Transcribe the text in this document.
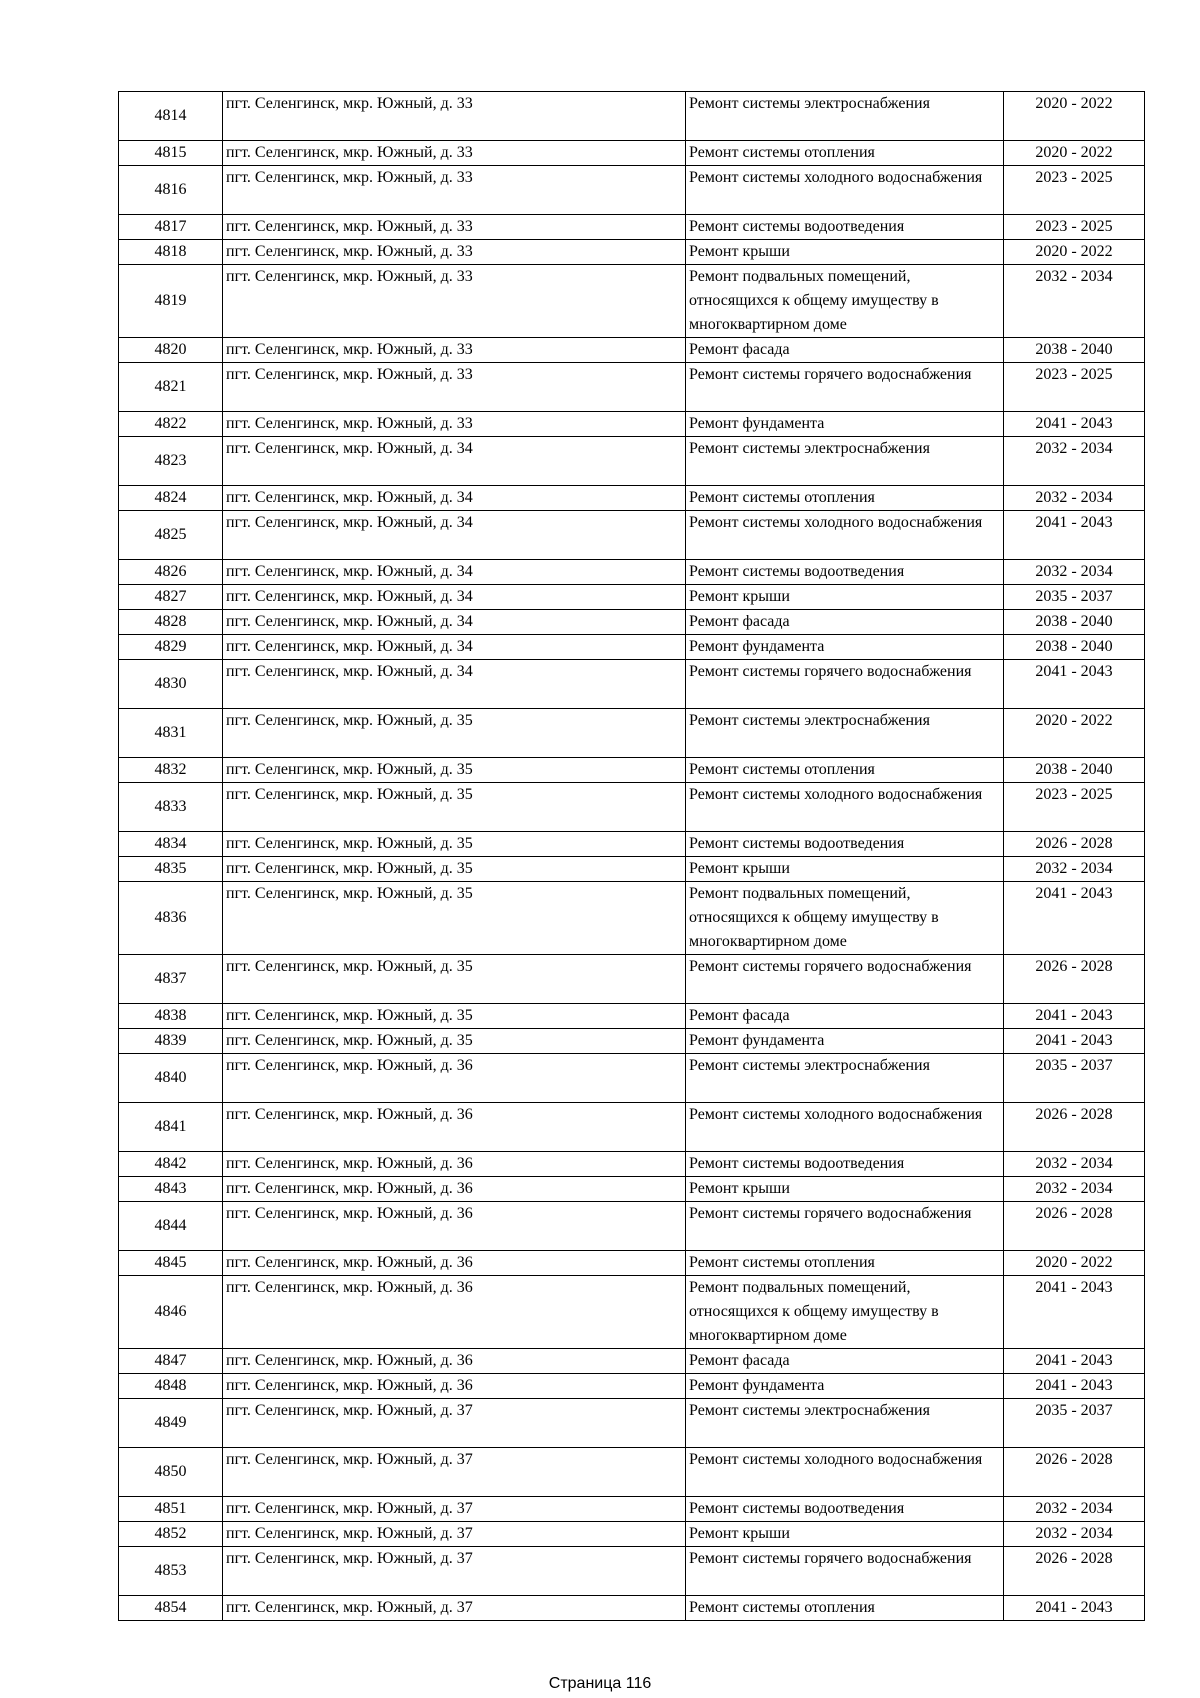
4814	пгт. Селенгинск, мкр. Южный, д. 33	Ремонт системы электроснабжения	2020 - 2022
4815	пгт. Селенгинск, мкр. Южный, д. 33	Ремонт системы отопления	2020 - 2022
4816	пгт. Селенгинск, мкр. Южный, д. 33	Ремонт системы холодного водоснабжения	2023 - 2025
4817	пгт. Селенгинск, мкр. Южный, д. 33	Ремонт системы водоотведения	2023 - 2025
4818	пгт. Селенгинск, мкр. Южный, д. 33	Ремонт крыши	2020 - 2022
4819	пгт. Селенгинск, мкр. Южный, д. 33	Ремонт подвальных помещений, относящихся к общему имуществу в многоквартирном доме	2032 - 2034
4820	пгт. Селенгинск, мкр. Южный, д. 33	Ремонт фасада	2038 - 2040
4821	пгт. Селенгинск, мкр. Южный, д. 33	Ремонт системы горячего водоснабжения	2023 - 2025
4822	пгт. Селенгинск, мкр. Южный, д. 33	Ремонт фундамента	2041 - 2043
4823	пгт. Селенгинск, мкр. Южный, д. 34	Ремонт системы электроснабжения	2032 - 2034
4824	пгт. Селенгинск, мкр. Южный, д. 34	Ремонт системы отопления	2032 - 2034
4825	пгт. Селенгинск, мкр. Южный, д. 34	Ремонт системы холодного водоснабжения	2041 - 2043
4826	пгт. Селенгинск, мкр. Южный, д. 34	Ремонт системы водоотведения	2032 - 2034
4827	пгт. Селенгинск, мкр. Южный, д. 34	Ремонт крыши	2035 - 2037
4828	пгт. Селенгинск, мкр. Южный, д. 34	Ремонт фасада	2038 - 2040
4829	пгт. Селенгинск, мкр. Южный, д. 34	Ремонт фундамента	2038 - 2040
4830	пгт. Селенгинск, мкр. Южный, д. 34	Ремонт системы горячего водоснабжения	2041 - 2043
4831	пгт. Селенгинск, мкр. Южный, д. 35	Ремонт системы электроснабжения	2020 - 2022
4832	пгт. Селенгинск, мкр. Южный, д. 35	Ремонт системы отопления	2038 - 2040
4833	пгт. Селенгинск, мкр. Южный, д. 35	Ремонт системы холодного водоснабжения	2023 - 2025
4834	пгт. Селенгинск, мкр. Южный, д. 35	Ремонт системы водоотведения	2026 - 2028
4835	пгт. Селенгинск, мкр. Южный, д. 35	Ремонт крыши	2032 - 2034
4836	пгт. Селенгинск, мкр. Южный, д. 35	Ремонт подвальных помещений, относящихся к общему имуществу в многоквартирном доме	2041 - 2043
4837	пгт. Селенгинск, мкр. Южный, д. 35	Ремонт системы горячего водоснабжения	2026 - 2028
4838	пгт. Селенгинск, мкр. Южный, д. 35	Ремонт фасада	2041 - 2043
4839	пгт. Селенгинск, мкр. Южный, д. 35	Ремонт фундамента	2041 - 2043
4840	пгт. Селенгинск, мкр. Южный, д. 36	Ремонт системы электроснабжения	2035 - 2037
4841	пгт. Селенгинск, мкр. Южный, д. 36	Ремонт системы холодного водоснабжения	2026 - 2028
4842	пгт. Селенгинск, мкр. Южный, д. 36	Ремонт системы водоотведения	2032 - 2034
4843	пгт. Селенгинск, мкр. Южный, д. 36	Ремонт крыши	2032 - 2034
4844	пгт. Селенгинск, мкр. Южный, д. 36	Ремонт системы горячего водоснабжения	2026 - 2028
4845	пгт. Селенгинск, мкр. Южный, д. 36	Ремонт системы отопления	2020 - 2022
4846	пгт. Селенгинск, мкр. Южный, д. 36	Ремонт подвальных помещений, относящихся к общему имуществу в многоквартирном доме	2041 - 2043
4847	пгт. Селенгинск, мкр. Южный, д. 36	Ремонт фасада	2041 - 2043
4848	пгт. Селенгинск, мкр. Южный, д. 36	Ремонт фундамента	2041 - 2043
4849	пгт. Селенгинск, мкр. Южный, д. 37	Ремонт системы электроснабжения	2035 - 2037
4850	пгт. Селенгинск, мкр. Южный, д. 37	Ремонт системы холодного водоснабжения	2026 - 2028
4851	пгт. Селенгинск, мкр. Южный, д. 37	Ремонт системы водоотведения	2032 - 2034
4852	пгт. Селенгинск, мкр. Южный, д. 37	Ремонт крыши	2032 - 2034
4853	пгт. Селенгинск, мкр. Южный, д. 37	Ремонт системы горячего водоснабжения	2026 - 2028
4854	пгт. Селенгинск, мкр. Южный, д. 37	Ремонт системы отопления	2041 - 2043
Страница 116
